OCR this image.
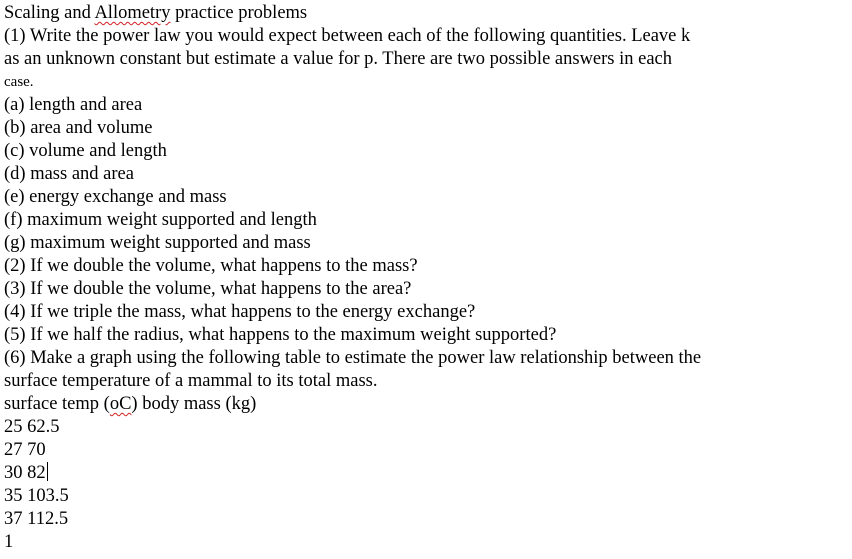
Scaling and Allometry practice problems
(1) Write the power law you would expect between each of the following quantities. Leave k
as an unknown constant but estimate a value for p. There are two possible answers in each
case.
(a) length and area
(b) area and volume
(c) volume and length
(d) mass and area
(e) energy exchange and mass
(f) maximum weight supported and length
(g) maximum weight supported and mass
(2) If we double the volume, what happens to the mass?
(3) If we double the volume, what happens to the area?
(4) If we triple the mass, what happens to the energy exchange?
(5) If we half the radius, what happens to the maximum weight supported?
(6) Make a graph using the following table to estimate the power law relationship between the
surface temperature of a mammal to its total mass.
surface temp (oC) body mass (kg)
25 62.5
27 70
30 82
35 103.5
37 112.5
1
